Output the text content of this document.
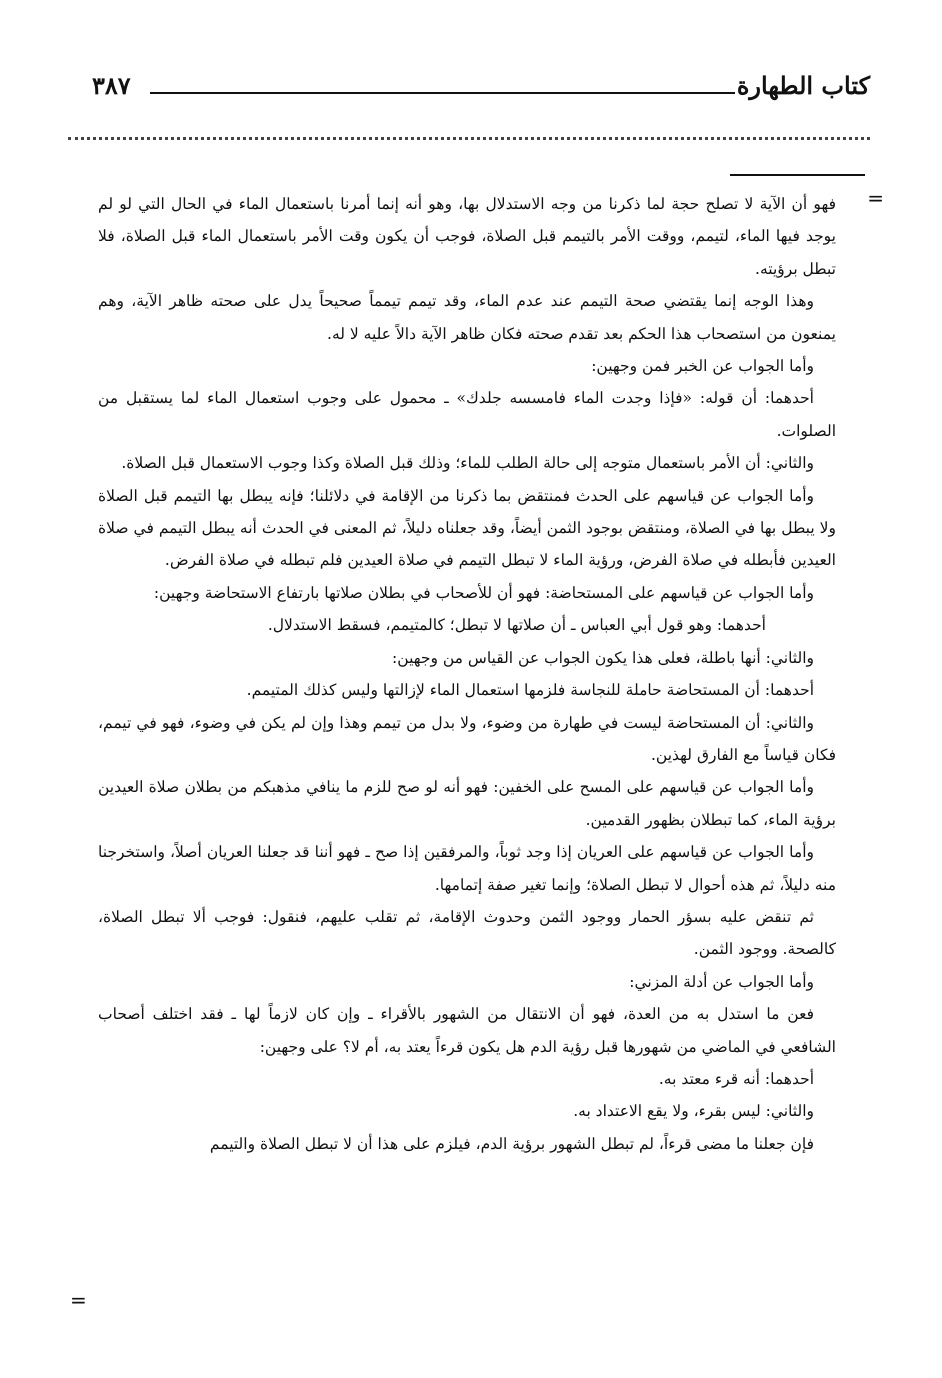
كتاب الطهارة
٣٨٧
=
=

فهو أن الآية لا تصلح حجة لما ذكرنا من وجه الاستدلال بها، وهو أنه إنما أمرنا باستعمال الماء في الحال التي لو لم يوجد فيها الماء، لتيمم، ووقت الأمر بالتيمم قبل الصلاة، فوجب أن يكون وقت الأمر باستعمال الماء قبل الصلاة، فلا تبطل برؤيته.

وهذا الوجه إنما يقتضي صحة التيمم عند عدم الماء، وقد تيمم تيمماً صحيحاً يدل على صحته ظاهر الآية، وهم يمنعون من استصحاب هذا الحكم بعد تقدم صحته فكان ظاهر الآية دالاً عليه لا له.

وأما الجواب عن الخبر فمن وجهين:

أحدهما: أن قوله: «فإذا وجدت الماء فامسسه جلدك» ـ محمول على وجوب استعمال الماء لما يستقبل من الصلوات.

والثاني: أن الأمر باستعمال متوجه إلى حالة الطلب للماء؛ وذلك قبل الصلاة وكذا وجوب الاستعمال قبل الصلاة.

وأما الجواب عن قياسهم على الحدث فمنتقض بما ذكرنا من الإقامة في دلائلنا؛ فإنه يبطل بها التيمم قبل الصلاة ولا يبطل بها في الصلاة، ومنتقض بوجود الثمن أيضاً، وقد جعلناه دليلاً، ثم المعنى في الحدث أنه يبطل التيمم في صلاة العيدين فأبطله في صلاة الفرض، ورؤية الماء لا تبطل التيمم في صلاة العيدين فلم تبطله في صلاة الفرض.

وأما الجواب عن قياسهم على المستحاضة: فهو أن للأصحاب في بطلان صلاتها بارتفاع الاستحاضة وجهين:

أحدهما: وهو قول أبي العباس ـ أن صلاتها لا تبطل؛ كالمتيمم، فسقط الاستدلال.

والثاني: أنها باطلة، فعلى هذا يكون الجواب عن القياس من وجهين:

أحدهما: أن المستحاضة حاملة للنجاسة فلزمها استعمال الماء لإزالتها وليس كذلك المتيمم.

والثاني: أن المستحاضة ليست في طهارة من وضوء، ولا بدل من تيمم وهذا وإن لم يكن في وضوء، فهو في تيمم، فكان قياساً مع الفارق لهذين.

وأما الجواب عن قياسهم على المسح على الخفين: فهو أنه لو صح للزم ما ينافي مذهبكم من بطلان صلاة العيدين برؤية الماء، كما تبطلان بظهور القدمين.

وأما الجواب عن قياسهم على العريان إذا وجد ثوباً، والمرفقين إذا صح ـ فهو أننا قد جعلنا العريان أصلاً، واستخرجنا منه دليلاً، ثم هذه أحوال لا تبطل الصلاة؛ وإنما تغير صفة إتمامها.

ثم تنقض عليه بسؤر الحمار ووجود الثمن وحدوث الإقامة، ثم تقلب عليهم، فنقول: فوجب ألا تبطل الصلاة، كالصحة. ووجود الثمن.

وأما الجواب عن أدلة المزني:

فعن ما استدل به من العدة، فهو أن الانتقال من الشهور بالأقراء ـ وإن كان لازماً لها ـ فقد اختلف أصحاب الشافعي في الماضي من شهورها قبل رؤية الدم هل يكون قرءاً يعتد به، أم لا؟ على وجهين:

أحدهما: أنه قرء معتد به.

والثاني: ليس بقرء، ولا يقع الاعتداد به.

فإن جعلنا ما مضى قرءاً، لم تبطل الشهور برؤية الدم، فيلزم على هذا أن لا تبطل الصلاة والتيمم
